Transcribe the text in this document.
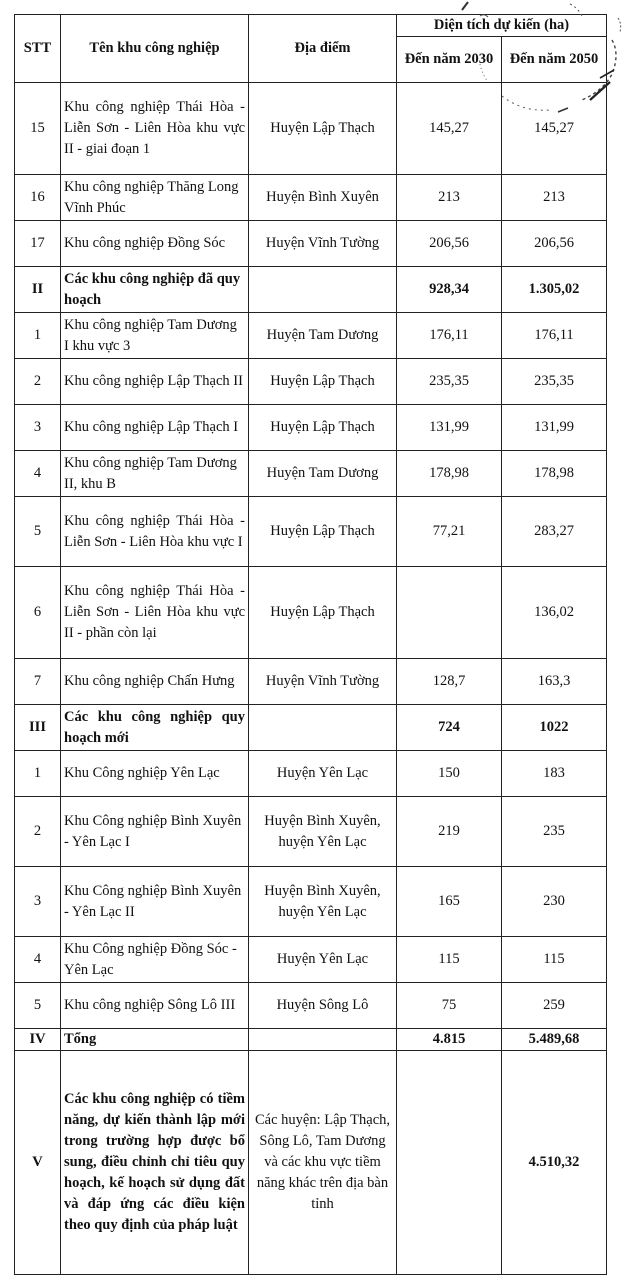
STT	Tên khu công nghiệp	Địa điểm	Diện tích dự kiến (ha)	
			Đến năm 2030	Đến năm 2050
15	Khu công nghiệp Thái Hòa - Liễn Sơn - Liên Hòa khu vực II - giai đoạn 1	Huyện Lập Thạch	145,27	145,27
16	Khu công nghiệp Thăng Long Vĩnh Phúc	Huyện Bình Xuyên	213	213
17	Khu công nghiệp Đồng Sóc	Huyện Vĩnh Tường	206,56	206,56
II	Các khu công nghiệp đã quy hoạch		928,34	1.305,02
1	Khu công nghiệp Tam Dương I khu vực 3	Huyện Tam Dương	176,11	176,11
2	Khu công nghiệp Lập Thạch II	Huyện Lập Thạch	235,35	235,35
3	Khu công nghiệp Lập Thạch I	Huyện Lập Thạch	131,99	131,99
4	Khu công nghiệp Tam Dương II, khu B	Huyện Tam Dương	178,98	178,98
5	Khu công nghiệp Thái Hòa - Liễn Sơn - Liên Hòa khu vực I	Huyện Lập Thạch	77,21	283,27
6	Khu công nghiệp Thái Hòa - Liễn Sơn - Liên Hòa khu vực II - phần còn lại	Huyện Lập Thạch		136,02
7	Khu công nghiệp Chấn Hưng	Huyện Vĩnh Tường	128,7	163,3
III	Các khu công nghiệp quy hoạch mới		724	1022
1	Khu Công nghiệp Yên Lạc	Huyện Yên Lạc	150	183
2	Khu Công nghiệp Bình Xuyên - Yên Lạc I	Huyện Bình Xuyên, huyện Yên Lạc	219	235
3	Khu Công nghiệp Bình Xuyên - Yên Lạc II	Huyện Bình Xuyên, huyện Yên Lạc	165	230
4	Khu Công nghiệp Đồng Sóc - Yên Lạc	Huyện Yên Lạc	115	115
5	Khu công nghiệp Sông Lô III	Huyện Sông Lô	75	259
IV	Tổng		4.815	5.489,68
V	Các khu công nghiệp có tiềm năng, dự kiến thành lập mới trong trường hợp được bổ sung, điều chỉnh chỉ tiêu quy hoạch, kế hoạch sử dụng đất và đáp ứng các điều kiện theo quy định của pháp luật	Các huyện: Lập Thạch, Sông Lô, Tam Dương và các khu vực tiềm năng khác trên địa bàn tỉnh		4.510,32
